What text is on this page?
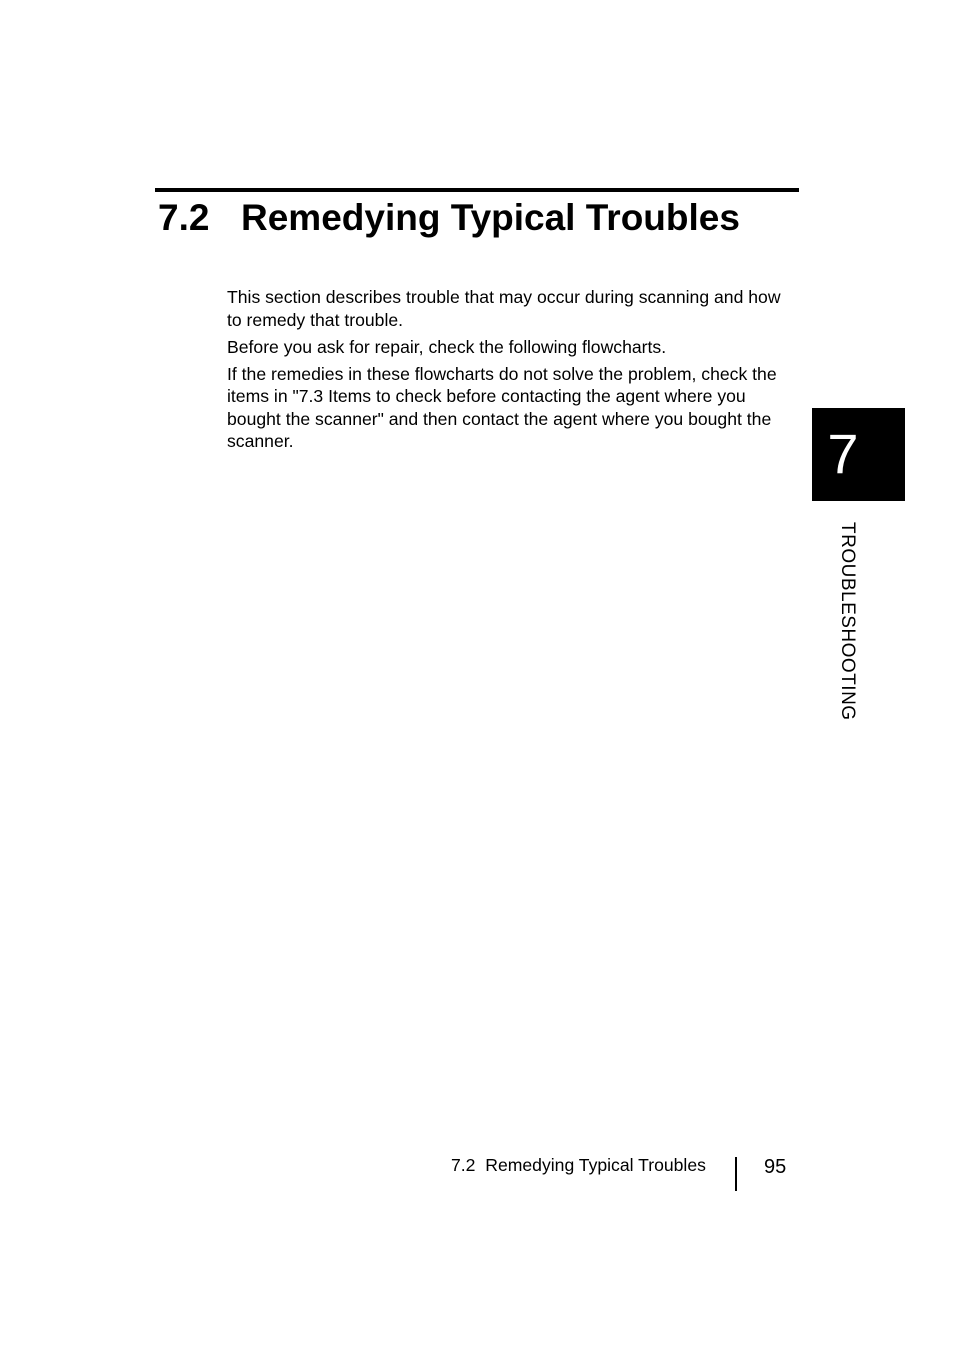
7.2 Remedying Typical Troubles

This section describes trouble that may occur during scanning and how to remedy that trouble.

Before you ask for repair, check the following flowcharts.

If the remedies in these flowcharts do not solve the problem, check the items in "7.3 Items to check before contacting the agent where you bought the scanner" and then contact the agent where you bought the scanner.	7
TROUBLESHOOTING
7.2  Remedying Typical Troubles	95
